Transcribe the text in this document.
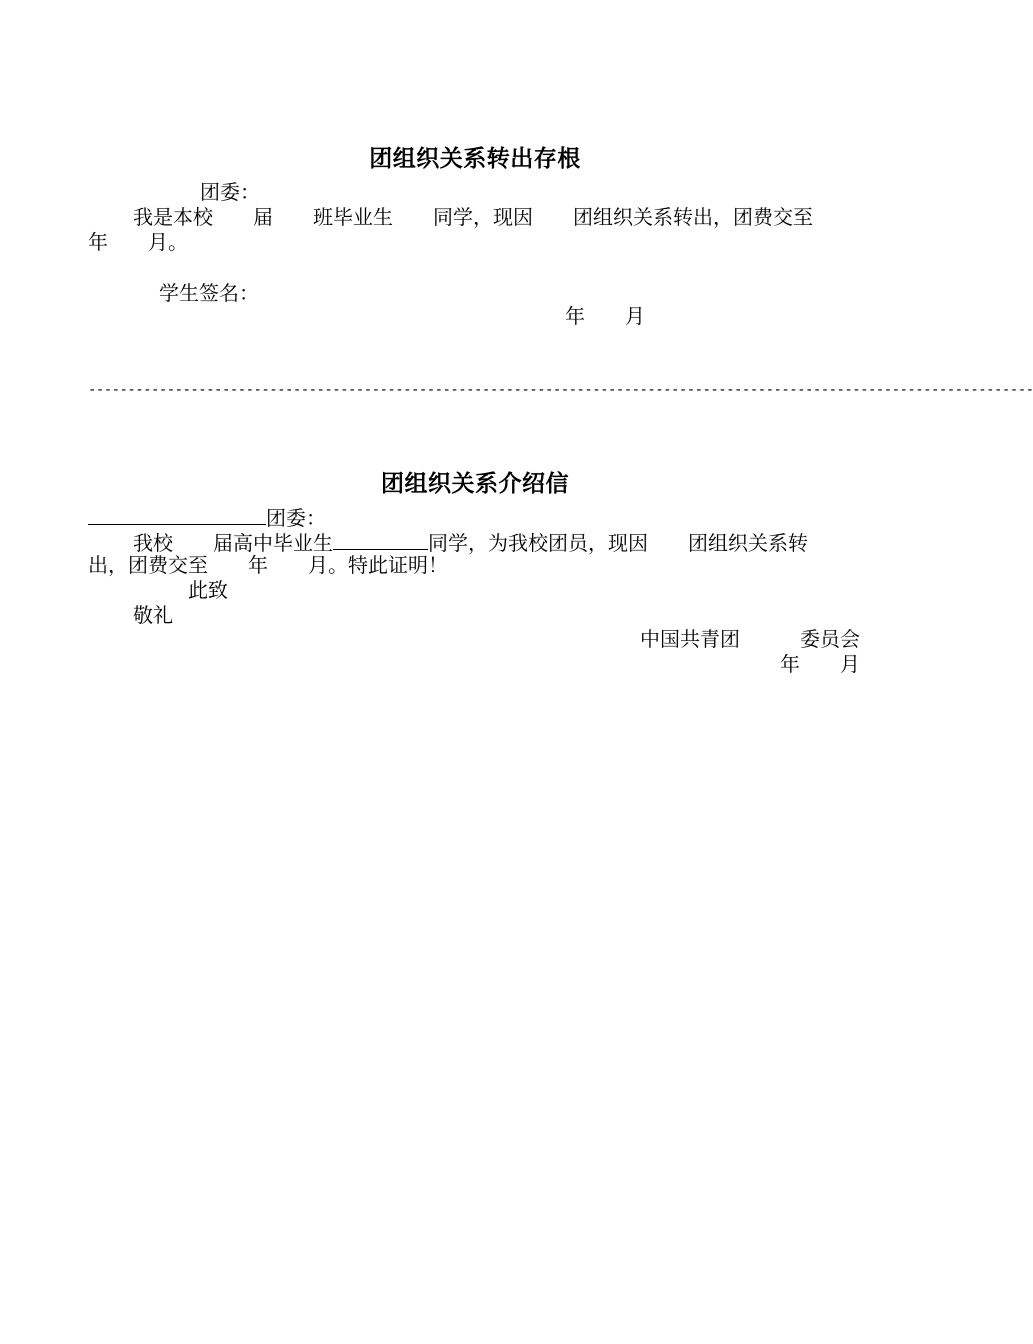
团组织关系转出存根
团委：
我是本校　　届　　班毕业生　　同学，现因　　团组织关系转出，团费交至
年　　月。
学生签名：
年　　月
------------------------------------------------------------------------------------------------------------------------
团组织关系介绍信
团委：
我校　　届高中毕业生	同学，为我校团员，现因　　团组织关系转
出，团费交至　　年　　月。特此证明！
此致
敬礼
中国共青团　　　委员会
年　　月
